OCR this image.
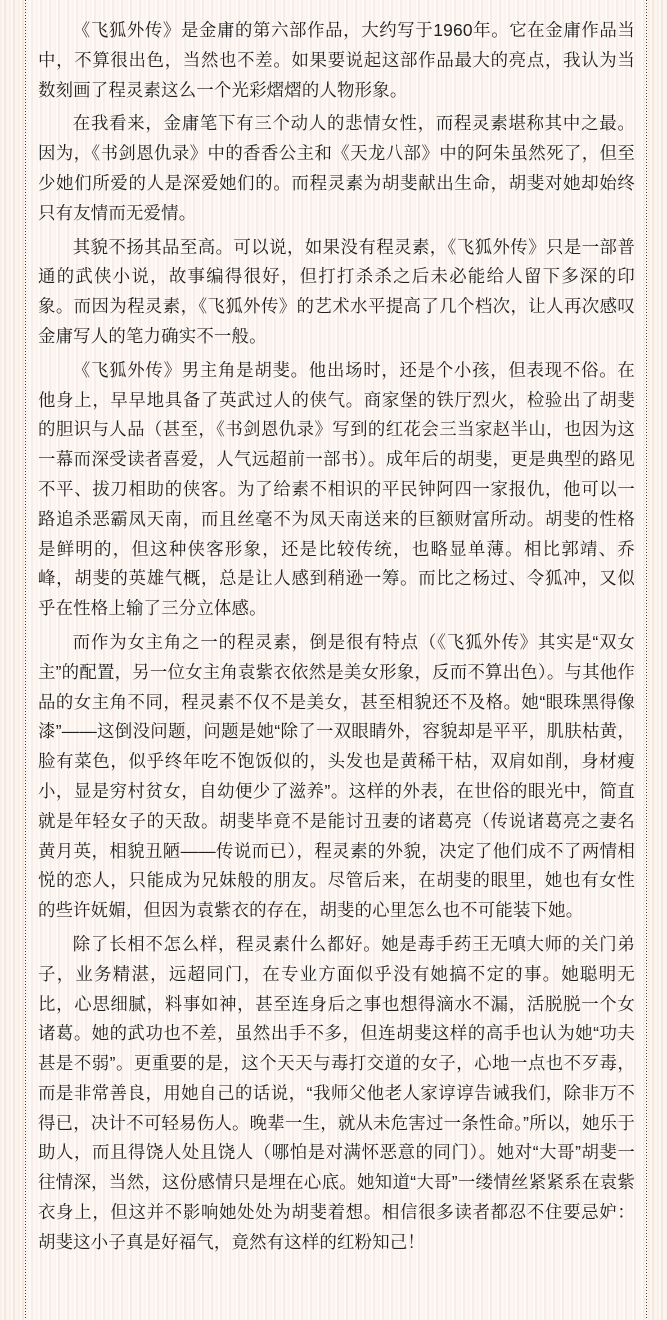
《飞狐外传》是金庸的第六部作品，大约写于1960年。它在金庸作品当中，不算很出色，当然也不差。如果要说起这部作品最大的亮点，我认为当数刻画了程灵素这么一个光彩熠熠的人物形象。

在我看来，金庸笔下有三个动人的悲情女性，而程灵素堪称其中之最。因为，《书剑恩仇录》中的香香公主和《天龙八部》中的阿朱虽然死了，但至少她们所爱的人是深爱她们的。而程灵素为胡斐献出生命，胡斐对她却始终只有友情而无爱情。

其貌不扬其品至高。可以说，如果没有程灵素，《飞狐外传》只是一部普通的武侠小说，故事编得很好，但打打杀杀之后未必能给人留下多深的印象。而因为程灵素，《飞狐外传》的艺术水平提高了几个档次，让人再次感叹金庸写人的笔力确实不一般。

《飞狐外传》男主角是胡斐。他出场时，还是个小孩，但表现不俗。在他身上，早早地具备了英武过人的侠气。商家堡的铁厅烈火，检验出了胡斐的胆识与人品（甚至，《书剑恩仇录》写到的红花会三当家赵半山，也因为这一幕而深受读者喜爱，人气远超前一部书）。成年后的胡斐，更是典型的路见不平、拔刀相助的侠客。为了给素不相识的平民钟阿四一家报仇，他可以一路追杀恶霸凤天南，而且丝毫不为凤天南送来的巨额财富所动。胡斐的性格是鲜明的，但这种侠客形象，还是比较传统，也略显单薄。相比郭靖、乔峰，胡斐的英雄气概，总是让人感到稍逊一筹。而比之杨过、令狐冲，又似乎在性格上输了三分立体感。

而作为女主角之一的程灵素，倒是很有特点（《飞狐外传》其实是“双女主”的配置，另一位女主角袁紫衣依然是美女形象，反而不算出色）。与其他作品的女主角不同，程灵素不仅不是美女，甚至相貌还不及格。她“眼珠黑得像漆”——这倒没问题，问题是她“除了一双眼睛外，容貌却是平平，肌肤枯黄，脸有菜色，似乎终年吃不饱饭似的，头发也是黄稀干枯，双肩如削，身材瘦小，显是穷村贫女，自幼便少了滋养”。这样的外表，在世俗的眼光中，简直就是年轻女子的天敌。胡斐毕竟不是能讨丑妻的诸葛亮（传说诸葛亮之妻名黄月英，相貌丑陋——传说而已），程灵素的外貌，决定了他们成不了两情相悦的恋人，只能成为兄妹般的朋友。尽管后来，在胡斐的眼里，她也有女性的些许妩媚，但因为袁紫衣的存在，胡斐的心里怎么也不可能装下她。

除了长相不怎么样，程灵素什么都好。她是毒手药王无嗔大师的关门弟子，业务精湛，远超同门，在专业方面似乎没有她搞不定的事。她聪明无比，心思细腻，料事如神，甚至连身后之事也想得滴水不漏，活脱脱一个女诸葛。她的武功也不差，虽然出手不多，但连胡斐这样的高手也认为她“功夫甚是不弱”。更重要的是，这个天天与毒打交道的女子，心地一点也不歹毒，而是非常善良，用她自己的话说，“我师父他老人家谆谆告诫我们，除非万不得已，决计不可轻易伤人。晚辈一生，就从未危害过一条性命。”所以，她乐于助人，而且得饶人处且饶人（哪怕是对满怀恶意的同门）。她对“大哥”胡斐一往情深，当然，这份感情只是埋在心底。她知道“大哥”一缕情丝紧紧系在袁紫衣身上，但这并不影响她处处为胡斐着想。相信很多读者都忍不住要忌妒：胡斐这小子真是好福气，竟然有这样的红粉知己！
